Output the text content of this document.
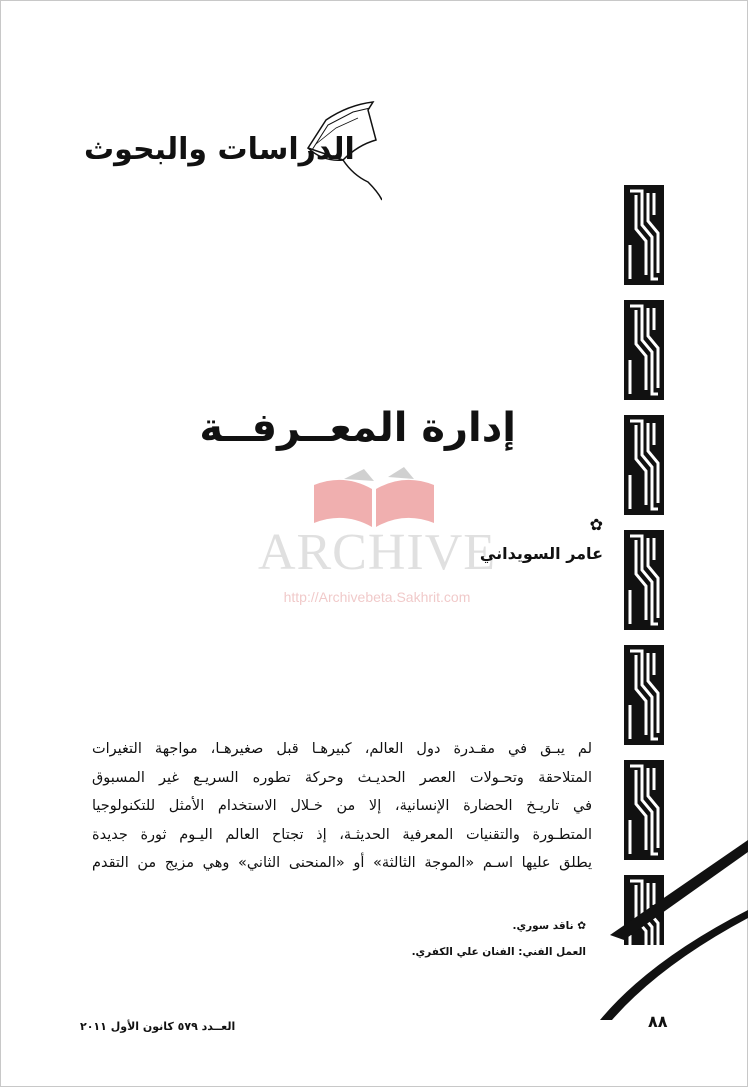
الدراسات والبحوث
ARCHIVE
http://Archivebeta.Sakhrit.com
إدارة المعــرفــة
✿
عامر السويداني
لم يبـق في مقـدرة دول العالم، كبيرهـا قبل صغيرهـا، مواجهة التغيرات
المتلاحقة وتحـولات العصر الحديـث وحركة تطوره السريـع غير المسبوق
في تاريـخ الحضارة الإنسانية، إلا من خـلال الاستخدام الأمثل للتكنولوجيا
المتطـورة والتقنيات المعرفية الحديثـة، إذ تجتاح العالم اليـوم ثورة جديدة
يطلق عليها اسـم «الموجة الثالثة» أو «المنحنى الثاني» وهي مزيج من التقدم
✿ ناقد سوري.
العمل الفني: الفنان علي الكفري.
٨٨
العــدد ٥٧٩ كانون الأول ٢٠١١
